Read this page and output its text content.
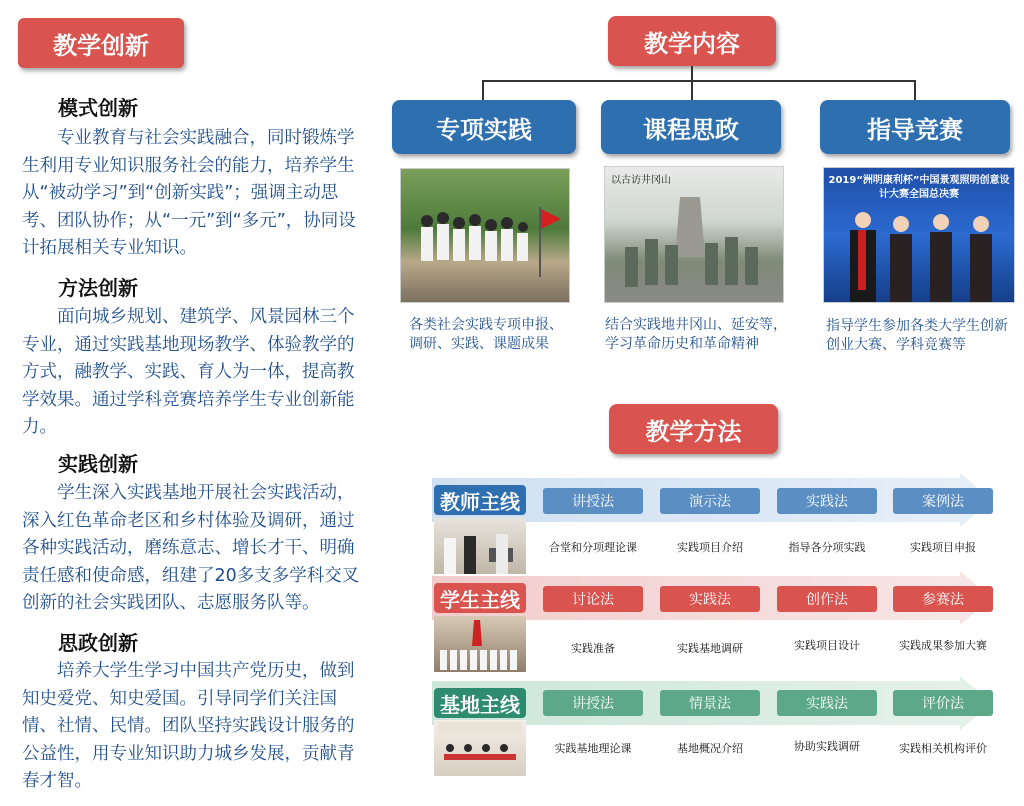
教学创新
模式创新
专业教育与社会实践融合，同时锻炼学生利用专业知识服务社会的能力，培养学生从“被动学习”到“创新实践”；强调主动思考、团队协作；从“一元”到“多元”，协同设计拓展相关专业知识。
方法创新
面向城乡规划、建筑学、风景园林三个专业，通过实践基地现场教学、体验教学的方式，融教学、实践、育人为一体，提高教学效果。通过学科竞赛培养学生专业创新能力。
实践创新
学生深入实践基地开展社会实践活动，深入红色革命老区和乡村体验及调研，通过各种实践活动，磨练意志、增长才干、明确责任感和使命感，组建了20多支多学科交叉创新的社会实践团队、志愿服务队等。
思政创新
培养大学生学习中国共产党历史，做到知史爱党、知史爱国。引导同学们关注国情、社情、民情。团队坚持实践设计服务的公益性，用专业知识助力城乡发展，贡献青春才智。
教学内容
专项实践	课程思政	指导竞赛
以古访井冈山	2019“洲明康利杯”中国景观照明创意设计大赛全国总决赛
各类社会实践专项申报、调研、实践、课题成果
结合实践地井冈山、延安等，学习革命历史和革命精神
指导学生参加各类大学生创新创业大赛、学科竞赛等
教学方法
教师主线	讲授法	演示法	实践法	案例法
合堂和分项理论课	实践项目介绍	指导各分项实践	实践项目申报
学生主线	讨论法	实践法	创作法	参赛法
实践准备	实践基地调研	实践项目设计	实践成果参加大赛
基地主线	讲授法	情景法	实践法	评价法
实践基地理论课	基地概况介绍	协助实践调研	实践相关机构评价
